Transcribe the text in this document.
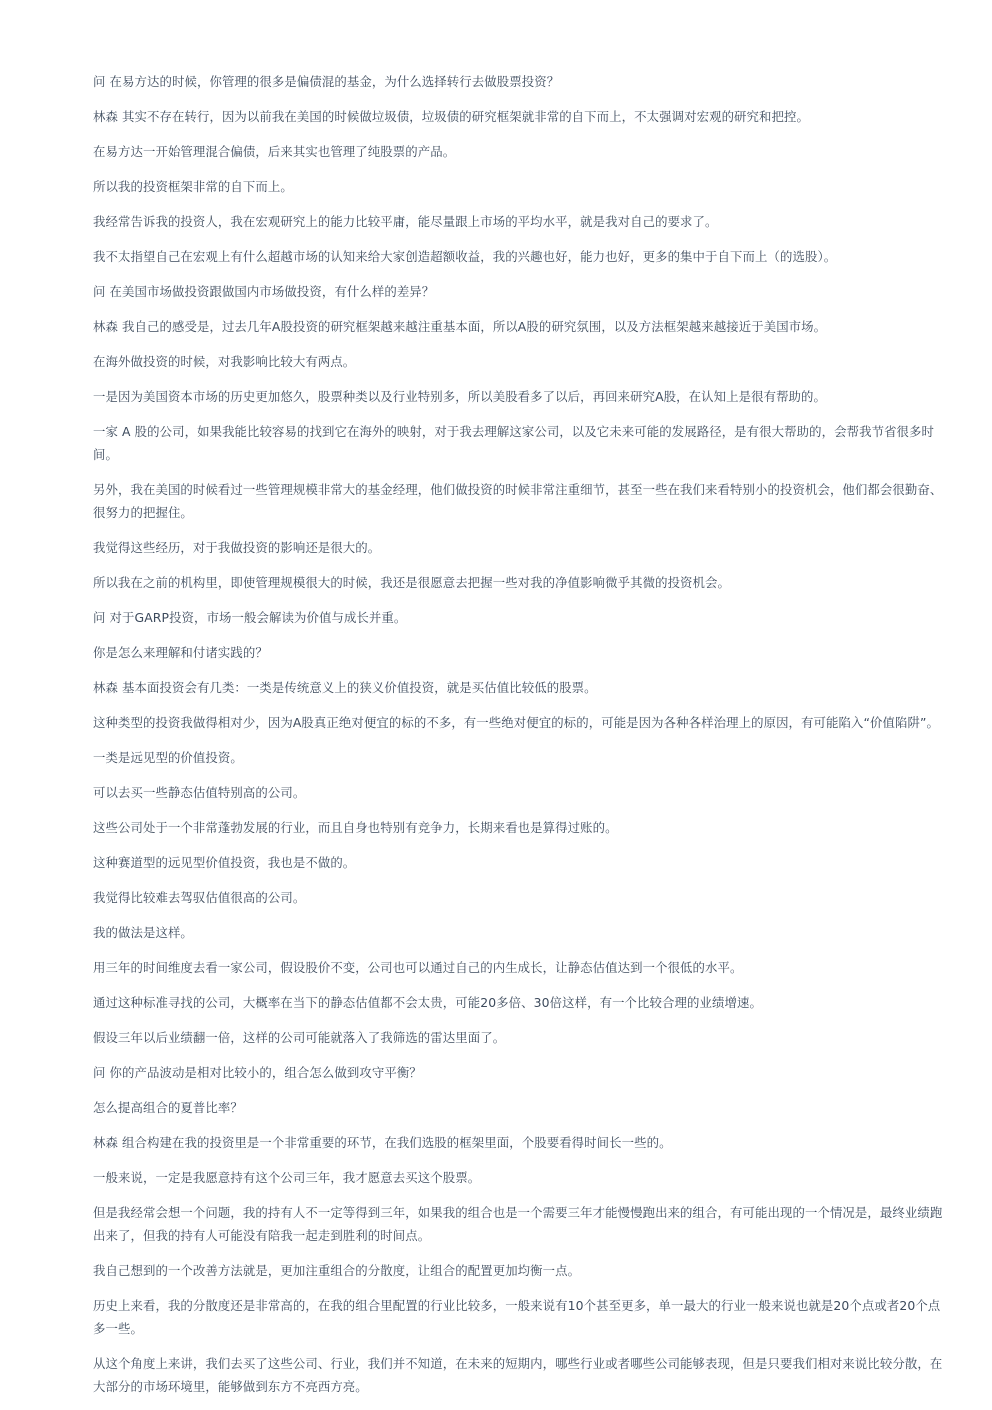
问 在易方达的时候，你管理的很多是偏债混的基金，为什么选择转行去做股票投资？

林森 其实不存在转行，因为以前我在美国的时候做垃圾债，垃圾债的研究框架就非常的自下而上，不太强调对宏观的研究和把控。

在易方达一开始管理混合偏债，后来其实也管理了纯股票的产品。

所以我的投资框架非常的自下而上。

我经常告诉我的投资人，我在宏观研究上的能力比较平庸，能尽量跟上市场的平均水平，就是我对自己的要求了。

我不太指望自己在宏观上有什么超越市场的认知来给大家创造超额收益，我的兴趣也好，能力也好，更多的集中于自下而上（的选股）。

问 在美国市场做投资跟做国内市场做投资，有什么样的差异？

林森 我自己的感受是，过去几年A股投资的研究框架越来越注重基本面，所以A股的研究氛围，以及方法框架越来越接近于美国市场。

在海外做投资的时候，对我影响比较大有两点。

一是因为美国资本市场的历史更加悠久，股票种类以及行业特别多，所以美股看多了以后，再回来研究A股，在认知上是很有帮助的。

一家 A 股的公司，如果我能比较容易的找到它在海外的映射，对于我去理解这家公司，以及它未来可能的发展路径，是有很大帮助的，会帮我节省很多时间。

另外，我在美国的时候看过一些管理规模非常大的基金经理，他们做投资的时候非常注重细节，甚至一些在我们来看特别小的投资机会，他们都会很勤奋、很努力的把握住。

我觉得这些经历，对于我做投资的影响还是很大的。

所以我在之前的机构里，即使管理规模很大的时候，我还是很愿意去把握一些对我的净值影响微乎其微的投资机会。

问 对于GARP投资，市场一般会解读为价值与成长并重。

你是怎么来理解和付诸实践的？

林森 基本面投资会有几类：一类是传统意义上的狭义价值投资，就是买估值比较低的股票。

这种类型的投资我做得相对少，因为A股真正绝对便宜的标的不多，有一些绝对便宜的标的，可能是因为各种各样治理上的原因，有可能陷入“价值陷阱”。

一类是远见型的价值投资。

可以去买一些静态估值特别高的公司。

这些公司处于一个非常蓬勃发展的行业，而且自身也特别有竞争力，长期来看也是算得过账的。

这种赛道型的远见型价值投资，我也是不做的。

我觉得比较难去驾驭估值很高的公司。

我的做法是这样。

用三年的时间维度去看一家公司，假设股价不变，公司也可以通过自己的内生成长，让静态估值达到一个很低的水平。

通过这种标准寻找的公司，大概率在当下的静态估值都不会太贵，可能20多倍、30倍这样，有一个比较合理的业绩增速。

假设三年以后业绩翻一倍，这样的公司可能就落入了我筛选的雷达里面了。

问 你的产品波动是相对比较小的，组合怎么做到攻守平衡？

怎么提高组合的夏普比率？

林森 组合构建在我的投资里是一个非常重要的环节，在我们选股的框架里面，个股要看得时间长一些的。

一般来说，一定是我愿意持有这个公司三年，我才愿意去买这个股票。

但是我经常会想一个问题，我的持有人不一定等得到三年，如果我的组合也是一个需要三年才能慢慢跑出来的组合，有可能出现的一个情况是，最终业绩跑出来了，但我的持有人可能没有陪我一起走到胜利的时间点。

我自己想到的一个改善方法就是，更加注重组合的分散度，让组合的配置更加均衡一点。

历史上来看，我的分散度还是非常高的，在我的组合里配置的行业比较多，一般来说有10个甚至更多，单一最大的行业一般来说也就是20个点或者20个点多一些。

从这个角度上来讲，我们去买了这些公司、行业，我们并不知道，在未来的短期内，哪些行业或者哪些公司能够表现，但是只要我们相对来说比较分散，在大部分的市场环境里，能够做到东方不亮西方亮。
